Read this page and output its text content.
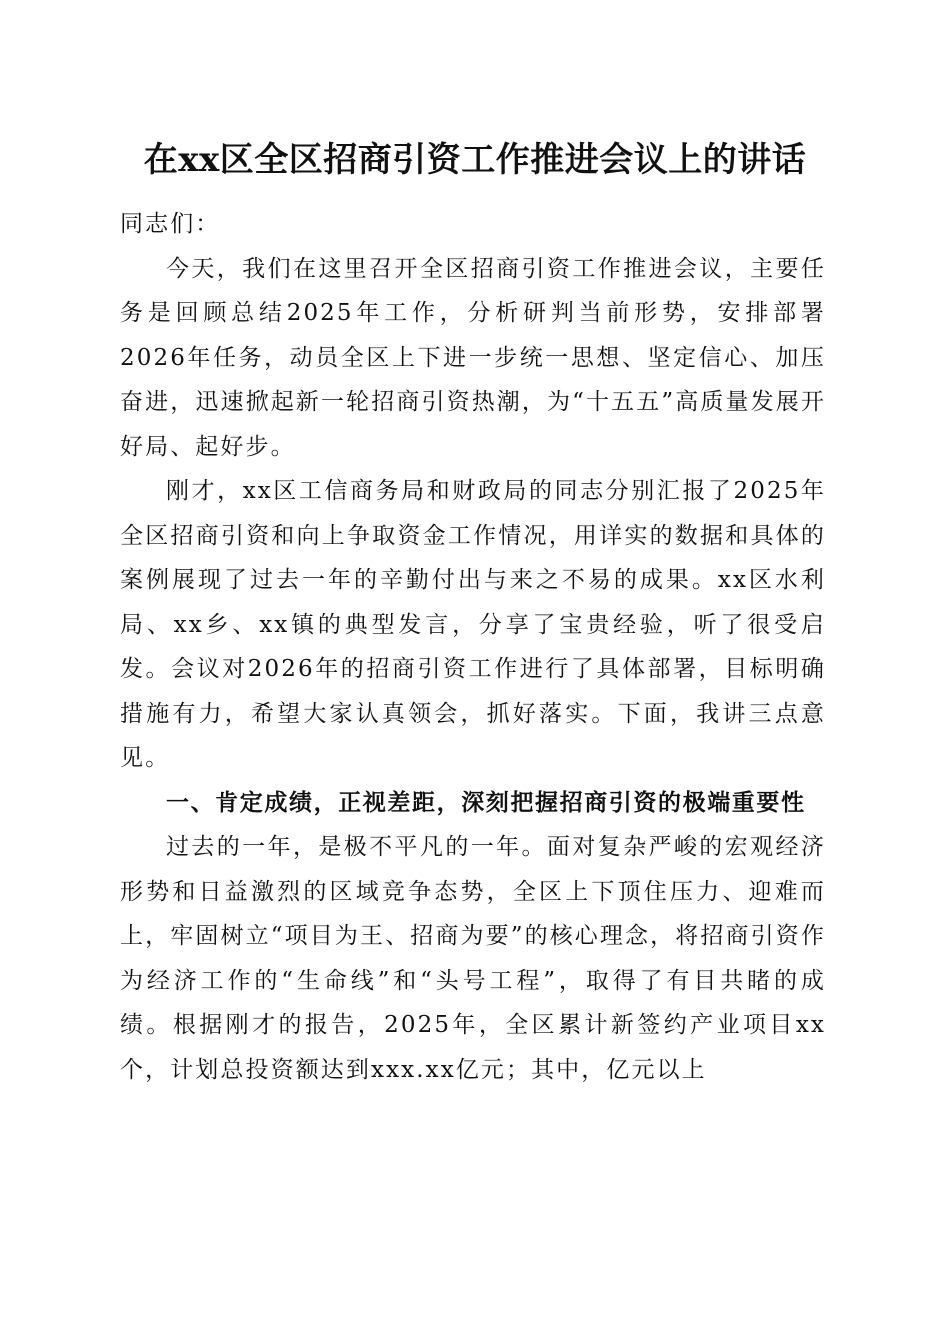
在xx区全区招商引资工作推进会议上的讲话

同志们：

今天，我们在这里召开全区招商引资工作推进会议，主要任务是回顾总结2025年工作，分析研判当前形势，安排部署2026年任务，动员全区上下进一步统一思想、坚定信心、加压奋进，迅速掀起新一轮招商引资热潮，为“十五五”高质量发展开好局、起好步。

刚才，xx区工信商务局和财政局的同志分别汇报了2025年全区招商引资和向上争取资金工作情况，用详实的数据和具体的案例展现了过去一年的辛勤付出与来之不易的成果。xx区水利局、xx乡、xx镇的典型发言，分享了宝贵经验，听了很受启发。会议对2026年的招商引资工作进行了具体部署，目标明确措施有力，希望大家认真领会，抓好落实。下面，我讲三点意见。

一、肯定成绩，正视差距，深刻把握招商引资的极端重要性

过去的一年，是极不平凡的一年。面对复杂严峻的宏观经济形势和日益激烈的区域竞争态势，全区上下顶住压力、迎难而上，牢固树立“项目为王、招商为要”的核心理念，将招商引资作为经济工作的“生命线”和“头号工程”，取得了有目共睹的成绩。根据刚才的报告，2025年，全区累计新签约产业项目xx个，计划总投资额达到xxx.xx亿元；其中，亿元以上
